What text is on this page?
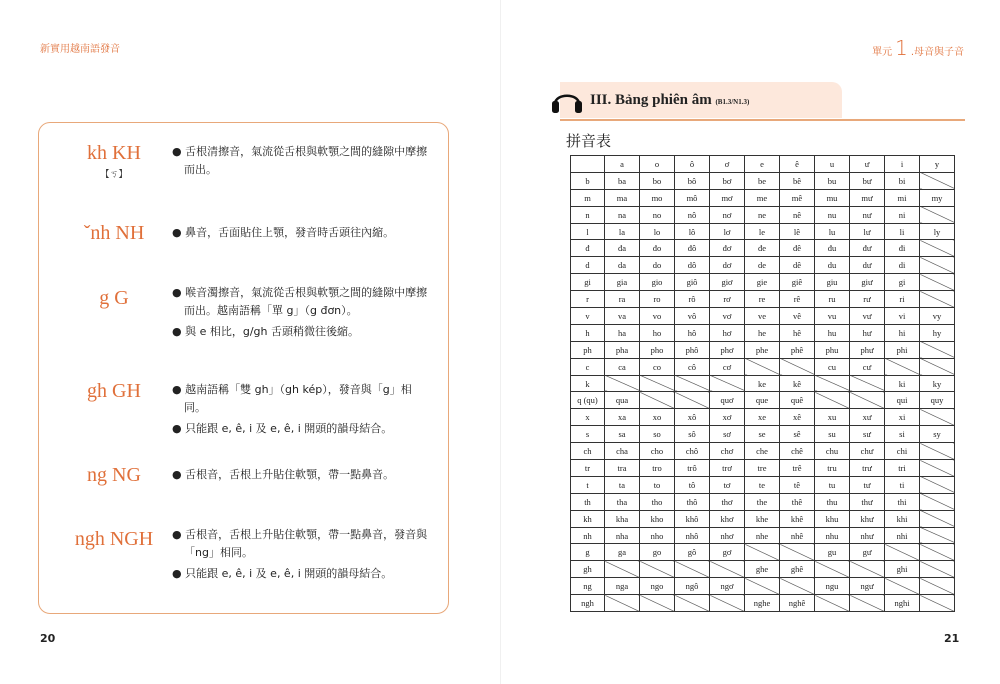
新實用越南語發音	單元 1 .母音與子音
kh KH
【ㄎ】
● 舌根清擦音，氣流從舌根與軟顎之間的縫隙中摩擦而出。
ˇnh NH	● 鼻音，舌面貼住上顎，發音時舌頭往內縮。
g G	● 喉音濁擦音，氣流從舌根與軟顎之間的縫隙中摩擦而出。越南語稱「單 g」（g đơn）。
● 與 e 相比，g/gh 舌頭稍微往後縮。
gh GH	● 越南語稱「雙 gh」（gh kép），發音與「g」相同。
● 只能跟 e, ê, i 及 e, ê, i 開頭的韻母結合。
ng NG	● 舌根音，舌根上升貼住軟顎，帶一點鼻音。
ngh NGH	● 舌根音，舌根上升貼住軟顎，帶一點鼻音，發音與「ng」相同。
● 只能跟 e, ê, i 及 e, ê, i 開頭的韻母結合。
20
III. Bảng phiên âm (B1.3/N1.3)
拼音表
	a	o	ô	ơ	e	ê	u	ư	i	y
b	ba	bo	bô	bơ	be	bê	bu	bư	bi	
m	ma	mo	mô	mơ	me	mê	mu	mư	mi	my
n	na	no	nô	nơ	ne	nê	nu	nư	ni	
l	la	lo	lô	lơ	le	lê	lu	lư	li	ly
đ	đa	đo	đô	đơ	đe	đê	đu	đư	đi	
d	da	do	dô	dơ	de	dê	du	dư	di	
gi	gia	gio	giô	giơ	gie	giê	giu	giư	gi	
r	ra	ro	rô	rơ	re	rê	ru	rư	ri	
v	va	vo	vô	vơ	ve	vê	vu	vư	vi	vy
h	ha	ho	hô	hơ	he	hê	hu	hư	hi	hy
ph	pha	pho	phô	phơ	phe	phê	phu	phư	phi	
c	ca	co	cô	cơ			cu	cư		
k					ke	kê			ki	ky
q (qu)	qua			quơ	que	quê			qui	quy
x	xa	xo	xô	xơ	xe	xê	xu	xư	xi	
s	sa	so	sô	sơ	se	sê	su	sư	si	sy
ch	cha	cho	chô	chơ	che	chê	chu	chư	chi	
tr	tra	tro	trô	trơ	tre	trê	tru	trư	tri	
t	ta	to	tô	tơ	te	tê	tu	tư	ti	
th	tha	tho	thô	thơ	the	thê	thu	thư	thi	
kh	kha	kho	khô	khơ	khe	khê	khu	khư	khi	
nh	nha	nho	nhô	nhơ	nhe	nhê	nhu	như	nhi	
g	ga	go	gô	gơ			gu	gư		
gh					ghe	ghê			ghi	
ng	nga	ngo	ngô	ngơ			ngu	ngư		
ngh					nghe	nghê			nghi	
21
